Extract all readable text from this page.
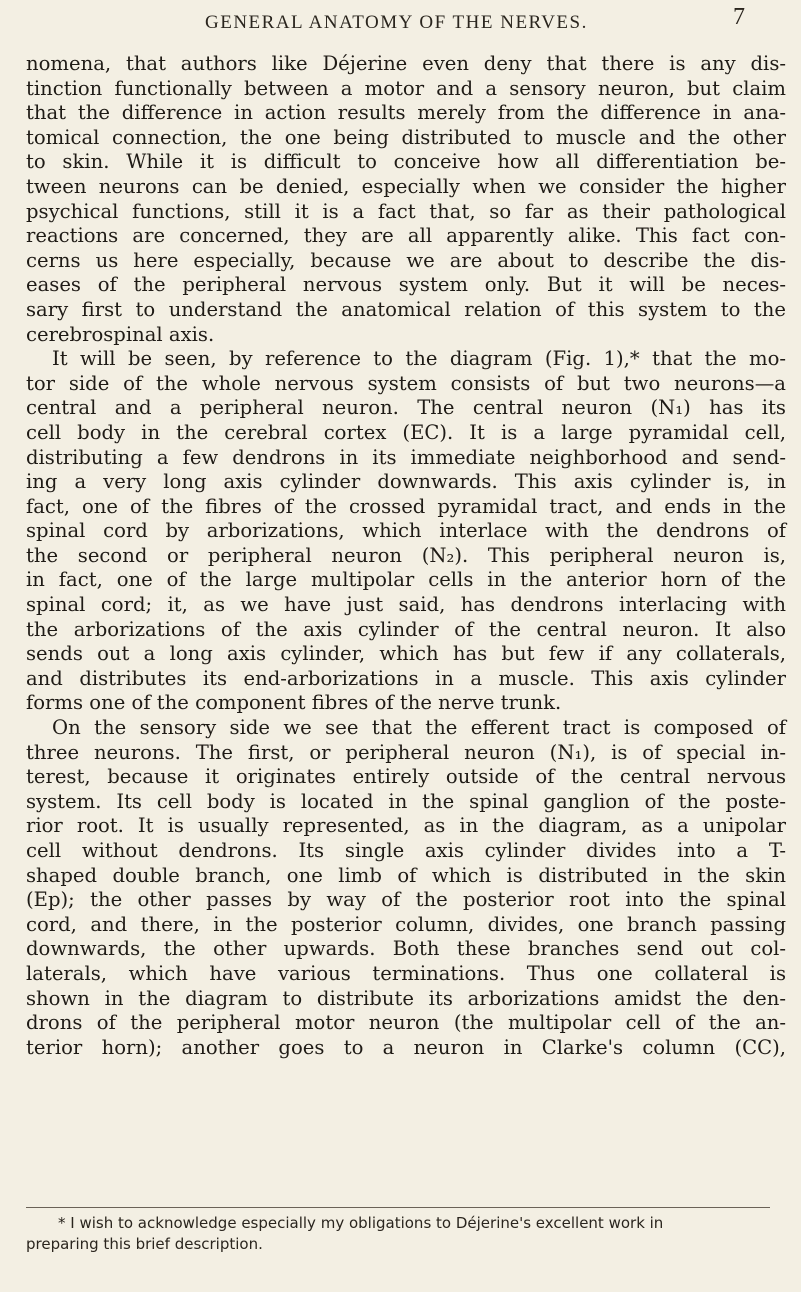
GENERAL ANATOMY OF THE NERVES.	7
nomena, that authors like Déjerine even deny that there is any dis-
tinction functionally between a motor and a sensory neuron, but claim
that the difference in action results merely from the difference in ana-
tomical connection, the one being distributed to muscle and the other
to skin. While it is difficult to conceive how all differentiation be-
tween neurons can be denied, especially when we consider the higher
psychical functions, still it is a fact that, so far as their pathological
reactions are concerned, they are all apparently alike. This fact con-
cerns us here especially, because we are about to describe the dis-
eases of the peripheral nervous system only. But it will be neces-
sary first to understand the anatomical relation of this system to the
cerebrospinal axis.
It will be seen, by reference to the diagram (Fig. 1),* that the mo-
tor side of the whole nervous system consists of but two neurons—a
central and a peripheral neuron. The central neuron (N₁) has its
cell body in the cerebral cortex (EC). It is a large pyramidal cell,
distributing a few dendrons in its immediate neighborhood and send-
ing a very long axis cylinder downwards. This axis cylinder is, in
fact, one of the fibres of the crossed pyramidal tract, and ends in the
spinal cord by arborizations, which interlace with the dendrons of
the second or peripheral neuron (N₂). This peripheral neuron is,
in fact, one of the large multipolar cells in the anterior horn of the
spinal cord; it, as we have just said, has dendrons interlacing with
the arborizations of the axis cylinder of the central neuron. It also
sends out a long axis cylinder, which has but few if any collaterals,
and distributes its end-arborizations in a muscle. This axis cylinder
forms one of the component fibres of the nerve trunk.
On the sensory side we see that the efferent tract is composed of
three neurons. The first, or peripheral neuron (N₁), is of special in-
terest, because it originates entirely outside of the central nervous
system. Its cell body is located in the spinal ganglion of the poste-
rior root. It is usually represented, as in the diagram, as a unipolar
cell without dendrons. Its single axis cylinder divides into a T-
shaped double branch, one limb of which is distributed in the skin
(Ep); the other passes by way of the posterior root into the spinal
cord, and there, in the posterior column, divides, one branch passing
downwards, the other upwards. Both these branches send out col-
laterals, which have various terminations. Thus one collateral is
shown in the diagram to distribute its arborizations amidst the den-
drons of the peripheral motor neuron (the multipolar cell of the an-
terior horn); another goes to a neuron in Clarke's column (CC),
* I wish to acknowledge especially my obligations to Déjerine's excellent work in
preparing this brief description.
